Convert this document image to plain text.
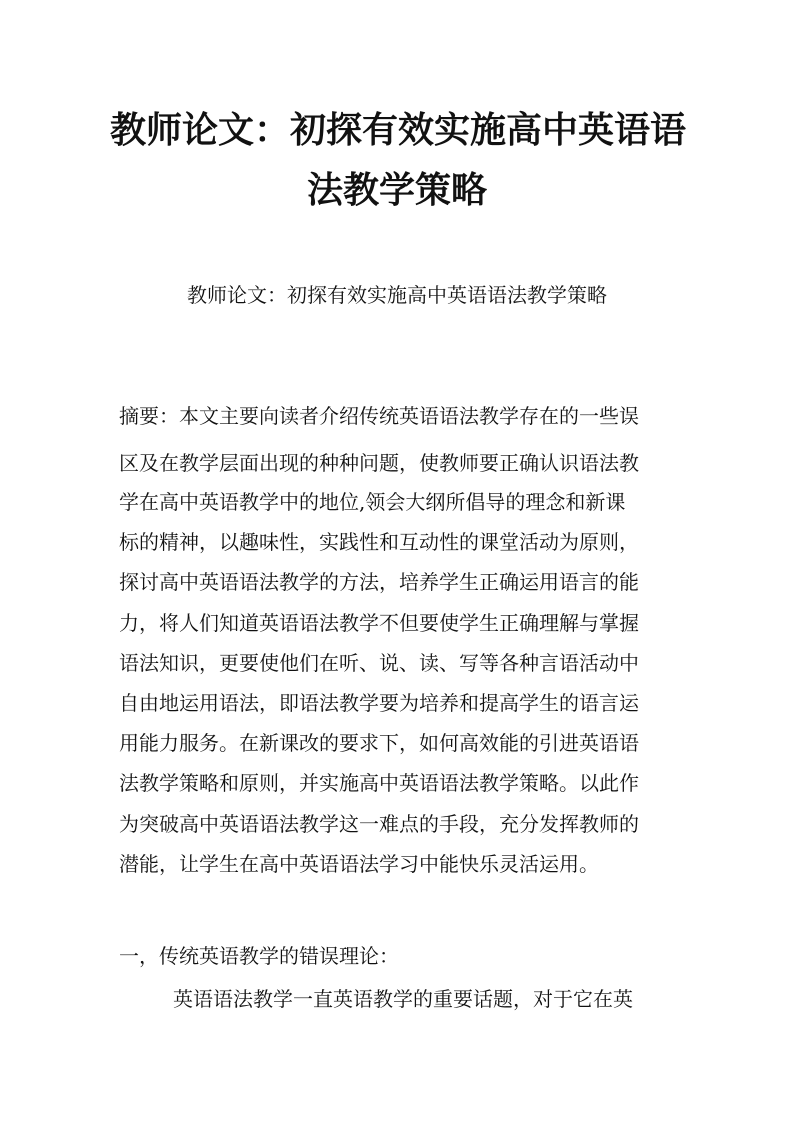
教师论文：初探有效实施高中英语语
法教学策略
教师论文：初探有效实施高中英语语法教学策略
摘要：本文主要向读者介绍传统英语语法教学存在的一些误
区及在教学层面出现的种种问题，使教师要正确认识语法教
学在高中英语教学中的地位,领会大纲所倡导的理念和新课
标的精神，以趣味性，实践性和互动性的课堂活动为原则，
探讨高中英语语法教学的方法，培养学生正确运用语言的能
力，将人们知道英语语法教学不但要使学生正确理解与掌握
语法知识，更要使他们在听、说、读、写等各种言语活动中
自由地运用语法，即语法教学要为培养和提高学生的语言运
用能力服务。在新课改的要求下，如何高效能的引进英语语
法教学策略和原则，并实施高中英语语法教学策略。以此作
为突破高中英语语法教学这一难点的手段，充分发挥教师的
潜能，让学生在高中英语语法学习中能快乐灵活运用。
一，传统英语教学的错误理论：
英语语法教学一直英语教学的重要话题，对于它在英
